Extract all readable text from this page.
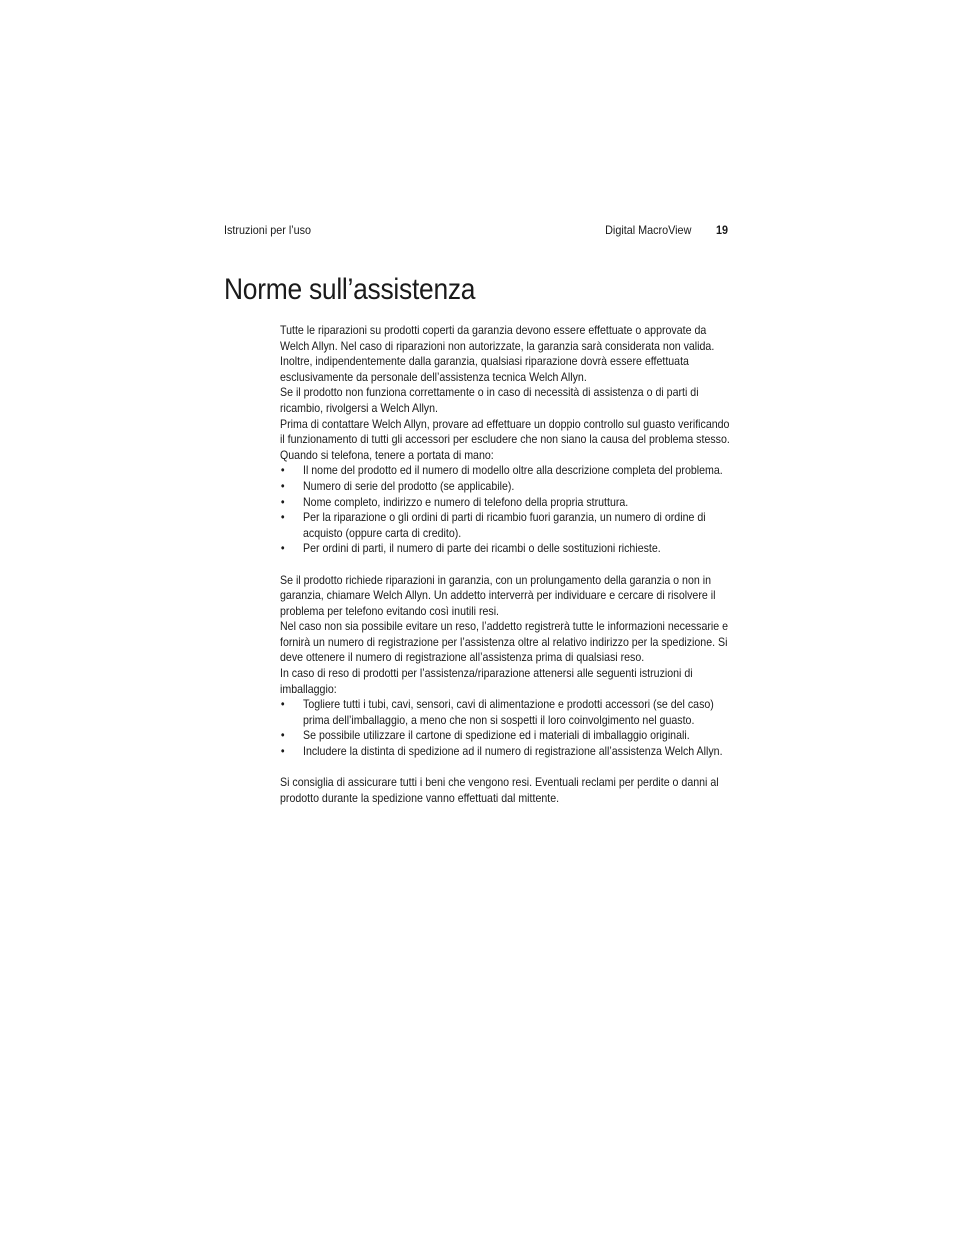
Istruzioni per l’uso	Digital MacroView 19
Norme sull’assistenza

Tutte le riparazioni su prodotti coperti da garanzia devono essere effettuate o approvate da Welch Allyn. Nel caso di riparazioni non autorizzate, la garanzia sarà considerata non valida. Inoltre, indipendentemente dalla garanzia, qualsiasi riparazione dovrà essere effettuata esclusivamente da personale dell’assistenza tecnica Welch Allyn.

Se il prodotto non funziona correttamente o in caso di necessità di assistenza o di parti di ricambio, rivolgersi a Welch Allyn.

Prima di contattare Welch Allyn, provare ad effettuare un doppio controllo sul guasto verificando il funzionamento di tutti gli accessori per escludere che non siano la causa del problema stesso. Quando si telefona, tenere a portata di mano:

• Il nome del prodotto ed il numero di modello oltre alla descrizione completa del problema.
• Numero di serie del prodotto (se applicabile).
• Nome completo, indirizzo e numero di telefono della propria struttura.
• Per la riparazione o gli ordini di parti di ricambio fuori garanzia, un numero di ordine di acquisto (oppure carta di credito).
• Per ordini di parti, il numero di parte dei ricambi o delle sostituzioni richieste.

Se il prodotto richiede riparazioni in garanzia, con un prolungamento della garanzia o non in garanzia, chiamare Welch Allyn. Un addetto interverrà per individuare e cercare di risolvere il problema per telefono evitando così inutili resi.

Nel caso non sia possibile evitare un reso, l’addetto registrerà tutte le informazioni necessarie e fornirà un numero di registrazione per l’assistenza oltre al relativo indirizzo per la spedizione. Si deve ottenere il numero di registrazione all’assistenza prima di qualsiasi reso.

In caso di reso di prodotti per l’assistenza/riparazione attenersi alle seguenti istruzioni di imballaggio:

• Togliere tutti i tubi, cavi, sensori, cavi di alimentazione e prodotti accessori (se del caso) prima dell’imballaggio, a meno che non si sospetti il loro coinvolgimento nel guasto.
• Se possibile utilizzare il cartone di spedizione ed i materiali di imballaggio originali.
• Includere la distinta di spedizione ad il numero di registrazione all’assistenza Welch Allyn.

Si consiglia di assicurare tutti i beni che vengono resi. Eventuali reclami per perdite o danni al prodotto durante la spedizione vanno effettuati dal mittente.
